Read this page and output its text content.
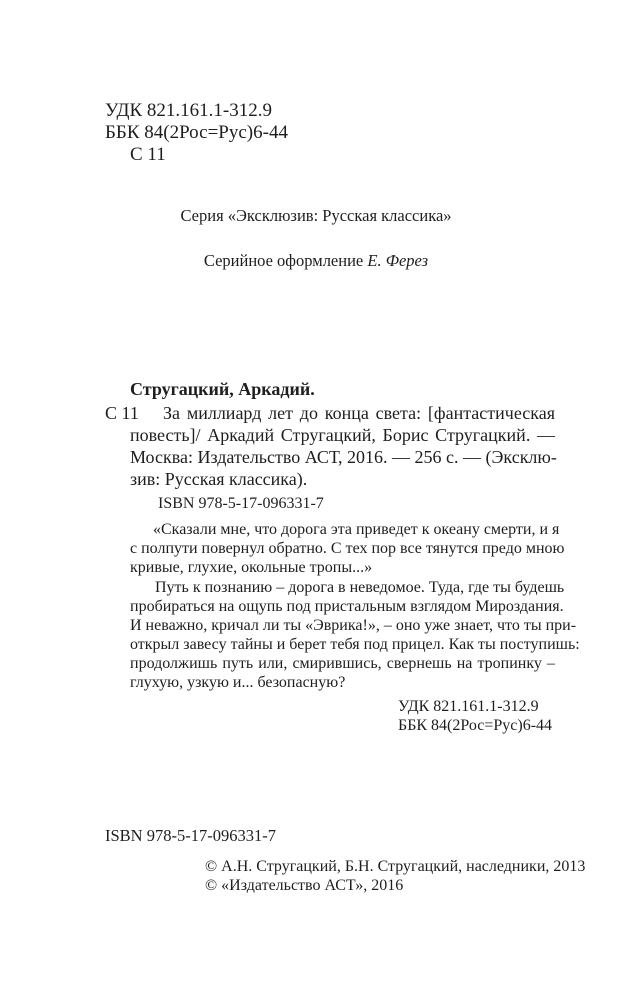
УДК 821.161.1-312.9
ББК 84(2Рос=Рус)6-44
С 11
Серия «Эксклюзив: Русская классика»
Серийное оформление Е. Ферез
Стругацкий, Аркадий.
С 11 За миллиард лет до конца света: [фантастическая
повесть]/ Аркадий Стругацкий, Борис Стругацкий. —
Москва: Издательство АСТ, 2016. — 256 с. — (Эксклю-
зив: Русская классика).
ISBN 978-5-17-096331-7
«Сказали мне, что дорога эта приведет к океану смерти, и я
с полпути повернул обратно. С тех пор все тянутся предо мною
кривые, глухие, окольные тропы...»
Путь к познанию – дорога в неведомое. Туда, где ты будешь
пробираться на ощупь под пристальным взглядом Мироздания.
И неважно, кричал ли ты «Эврика!», – оно уже знает, что ты при-
открыл завесу тайны и берет тебя под прицел. Как ты поступишь:
продолжишь путь или, смирившись, свернешь на тропинку –
глухую, узкую и... безопасную?
УДК 821.161.1-312.9
ББК 84(2Рос=Рус)6-44
ISBN 978-5-17-096331-7
© А.Н. Стругацкий, Б.Н. Стругацкий, наследники, 2013
© «Издательство АСТ», 2016
